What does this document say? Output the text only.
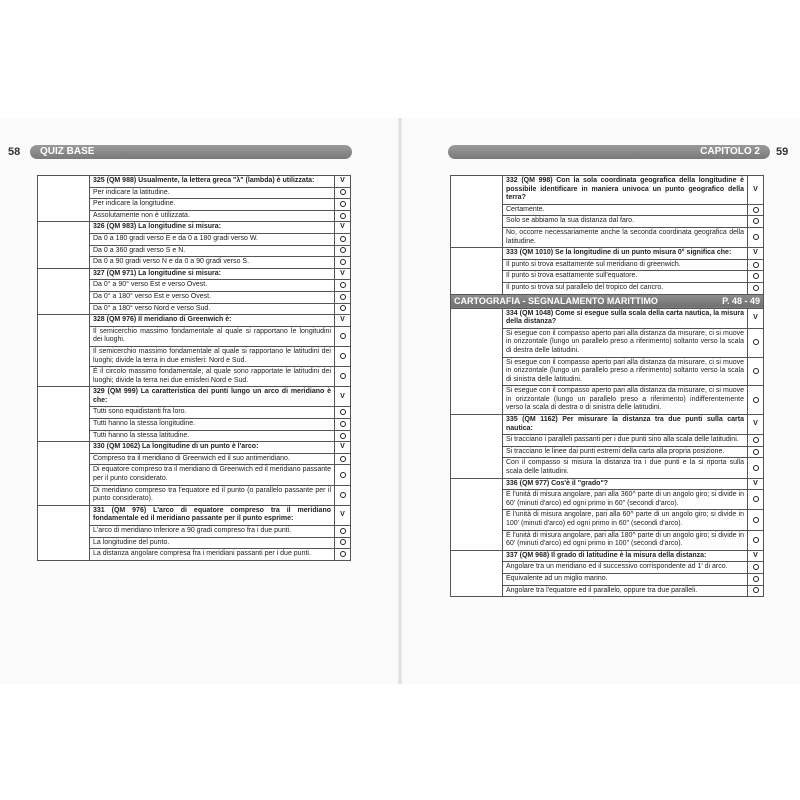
58	QUIZ BASE	CAPITOLO 2	59
	325 (QM 988) Usualmente, la lettera greca "λ" (lambda) è utilizzata:	V
	Per indicare la latitudine.	
	Per indicare la longitudine.	
	Assolutamente non è utilizzata.	
	326 (QM 983) La longitudine si misura:	V
	Da 0 a 180 gradi verso E e da 0 a 180 gradi verso W.	
	Da 0 a 360 gradi verso S e N.	
	Da 0 a 90 gradi verso N e da 0 a 90 gradi verso S.	
	327 (QM 971) La longitudine si misura:	V
	Da 0° a 90° verso Est e verso Ovest.	
	Da 0° a 180° verso Est e verso Ovest.	
	Da 0° a 180° verso Nord e verso Sud.	
	328 (QM 976) Il meridiano di Greenwich è:	V
	Il semicerchio massimo fondamentale al quale si rapportano le longitudini dei luoghi.	
	Il semicerchio massimo fondamentale al quale si rapportano le latitudini dei luoghi; divide la terra in due emisferi: Nord e Sud.	
	È il circolo massimo fondamentale, al quale sono rapportate le latitudini dei luoghi; divide la terra nei due emisferi Nord e Sud.	
	329 (QM 999) La caratteristica dei punti lungo un arco di meridiano è che:	V
	Tutti sono equidistanti fra loro.	
	Tutti hanno la stessa longitudine.	
	Tutti hanno la stessa latitudine.	
	330 (QM 1062) La longitudine di un punto è l'arco:	V
	Compreso tra il meridiano di Greenwich ed il suo antimeridiano.	
	Di equatore compreso tra il meridiano di Greenwich ed il meridiano passante per il punto considerato.	
	Di meridiano compreso tra l'equatore ed il punto (o parallelo passante per il punto considerato).	
	331 (QM 976) L'arco di equatore compreso tra il meridiano fondamentale ed il meridiano passante per il punto esprime:	V
	L'arco di meridiano inferiore a 90 gradi compreso fra i due punti.	
	La longitudine del punto.	
	La distanza angolare compresa fra i meridiani passanti per i due punti.	
	332 (QM 998) Con la sola coordinata geografica della longitudine è possibile identificare in maniera univoca un punto geografico della terra?	V
	Certamente.	
	Solo se abbiamo la sua distanza dal faro.	
	No, occorre necessariamente anche la seconda coordinata geografica della latitudine.	
	333 (QM 1010) Se la longitudine di un punto misura 0° significa che:	V
	Il punto si trova esattamente sul meridiano di greenwich.	
	Il punto si trova esattamente sull'equatore.	
	Il punto si trova sul parallelo del tropico del cancro.	

P. 48 - 49
CARTOGRAFIA - SEGNALAMENTO MARITTIMO		
	334 (QM 1048) Come si esegue sulla scala della carta nautica, la misura della distanza?	V
	Si esegue con il compasso aperto pari alla distanza da misurare, ci si muove in orizzontale (lungo un parallelo preso a riferimento) soltanto verso la scala di destra delle latitudini.	
	Si esegue con il compasso aperto pari alla distanza da misurare, ci si muove in orizzontale (lungo un parallelo preso a riferimento) soltanto verso la scala di sinistra delle latitudini.	
	Si esegue con il compasso aperto pari alla distanza da misurare, ci si muove in orizzontale (lungo un parallelo preso a riferimento) indifferentemente verso la scala di destra o di sinistra delle latitudini.	
	335 (QM 1162) Per misurare la distanza tra due punti sulla carta nautica:	V
	Si tracciano i paralleli passanti per i due punti sino alla scala delle latitudini.	
	Si tracciano le linee dai punti estremi della carta alla propria posizione.	
	Con il compasso si misura la distanza tra i due punti e la si riporta sulla scala delle latitudini.	
	336 (QM 977) Cos'è il "grado"?	V
	È l'unità di misura angolare, pari alla 360^ parte di un angolo giro; si divide in 60' (minuti d'arco) ed ogni primo in 60" (secondi d'arco).	
	È l'unità di misura angolare, pari alla 60^ parte di un angolo giro; si divide in 100' (minuti d'arco) ed ogni primo in 60" (secondi d'arco).	
	È l'unità di misura angolare, pari alla 180^ parte di un angolo giro; si divide in 60' (minuti d'arco) ed ogni primo in 100" (secondi d'arco).	
	337 (QM 968) Il grado di latitudine è la misura della distanza:	V
	Angolare tra un meridiano ed il successivo corrispondente ad 1' di arco.	
	Equivalente ad un miglio marino.	
	Angolare tra l'equatore ed il parallelo, oppure tra due paralleli.	
